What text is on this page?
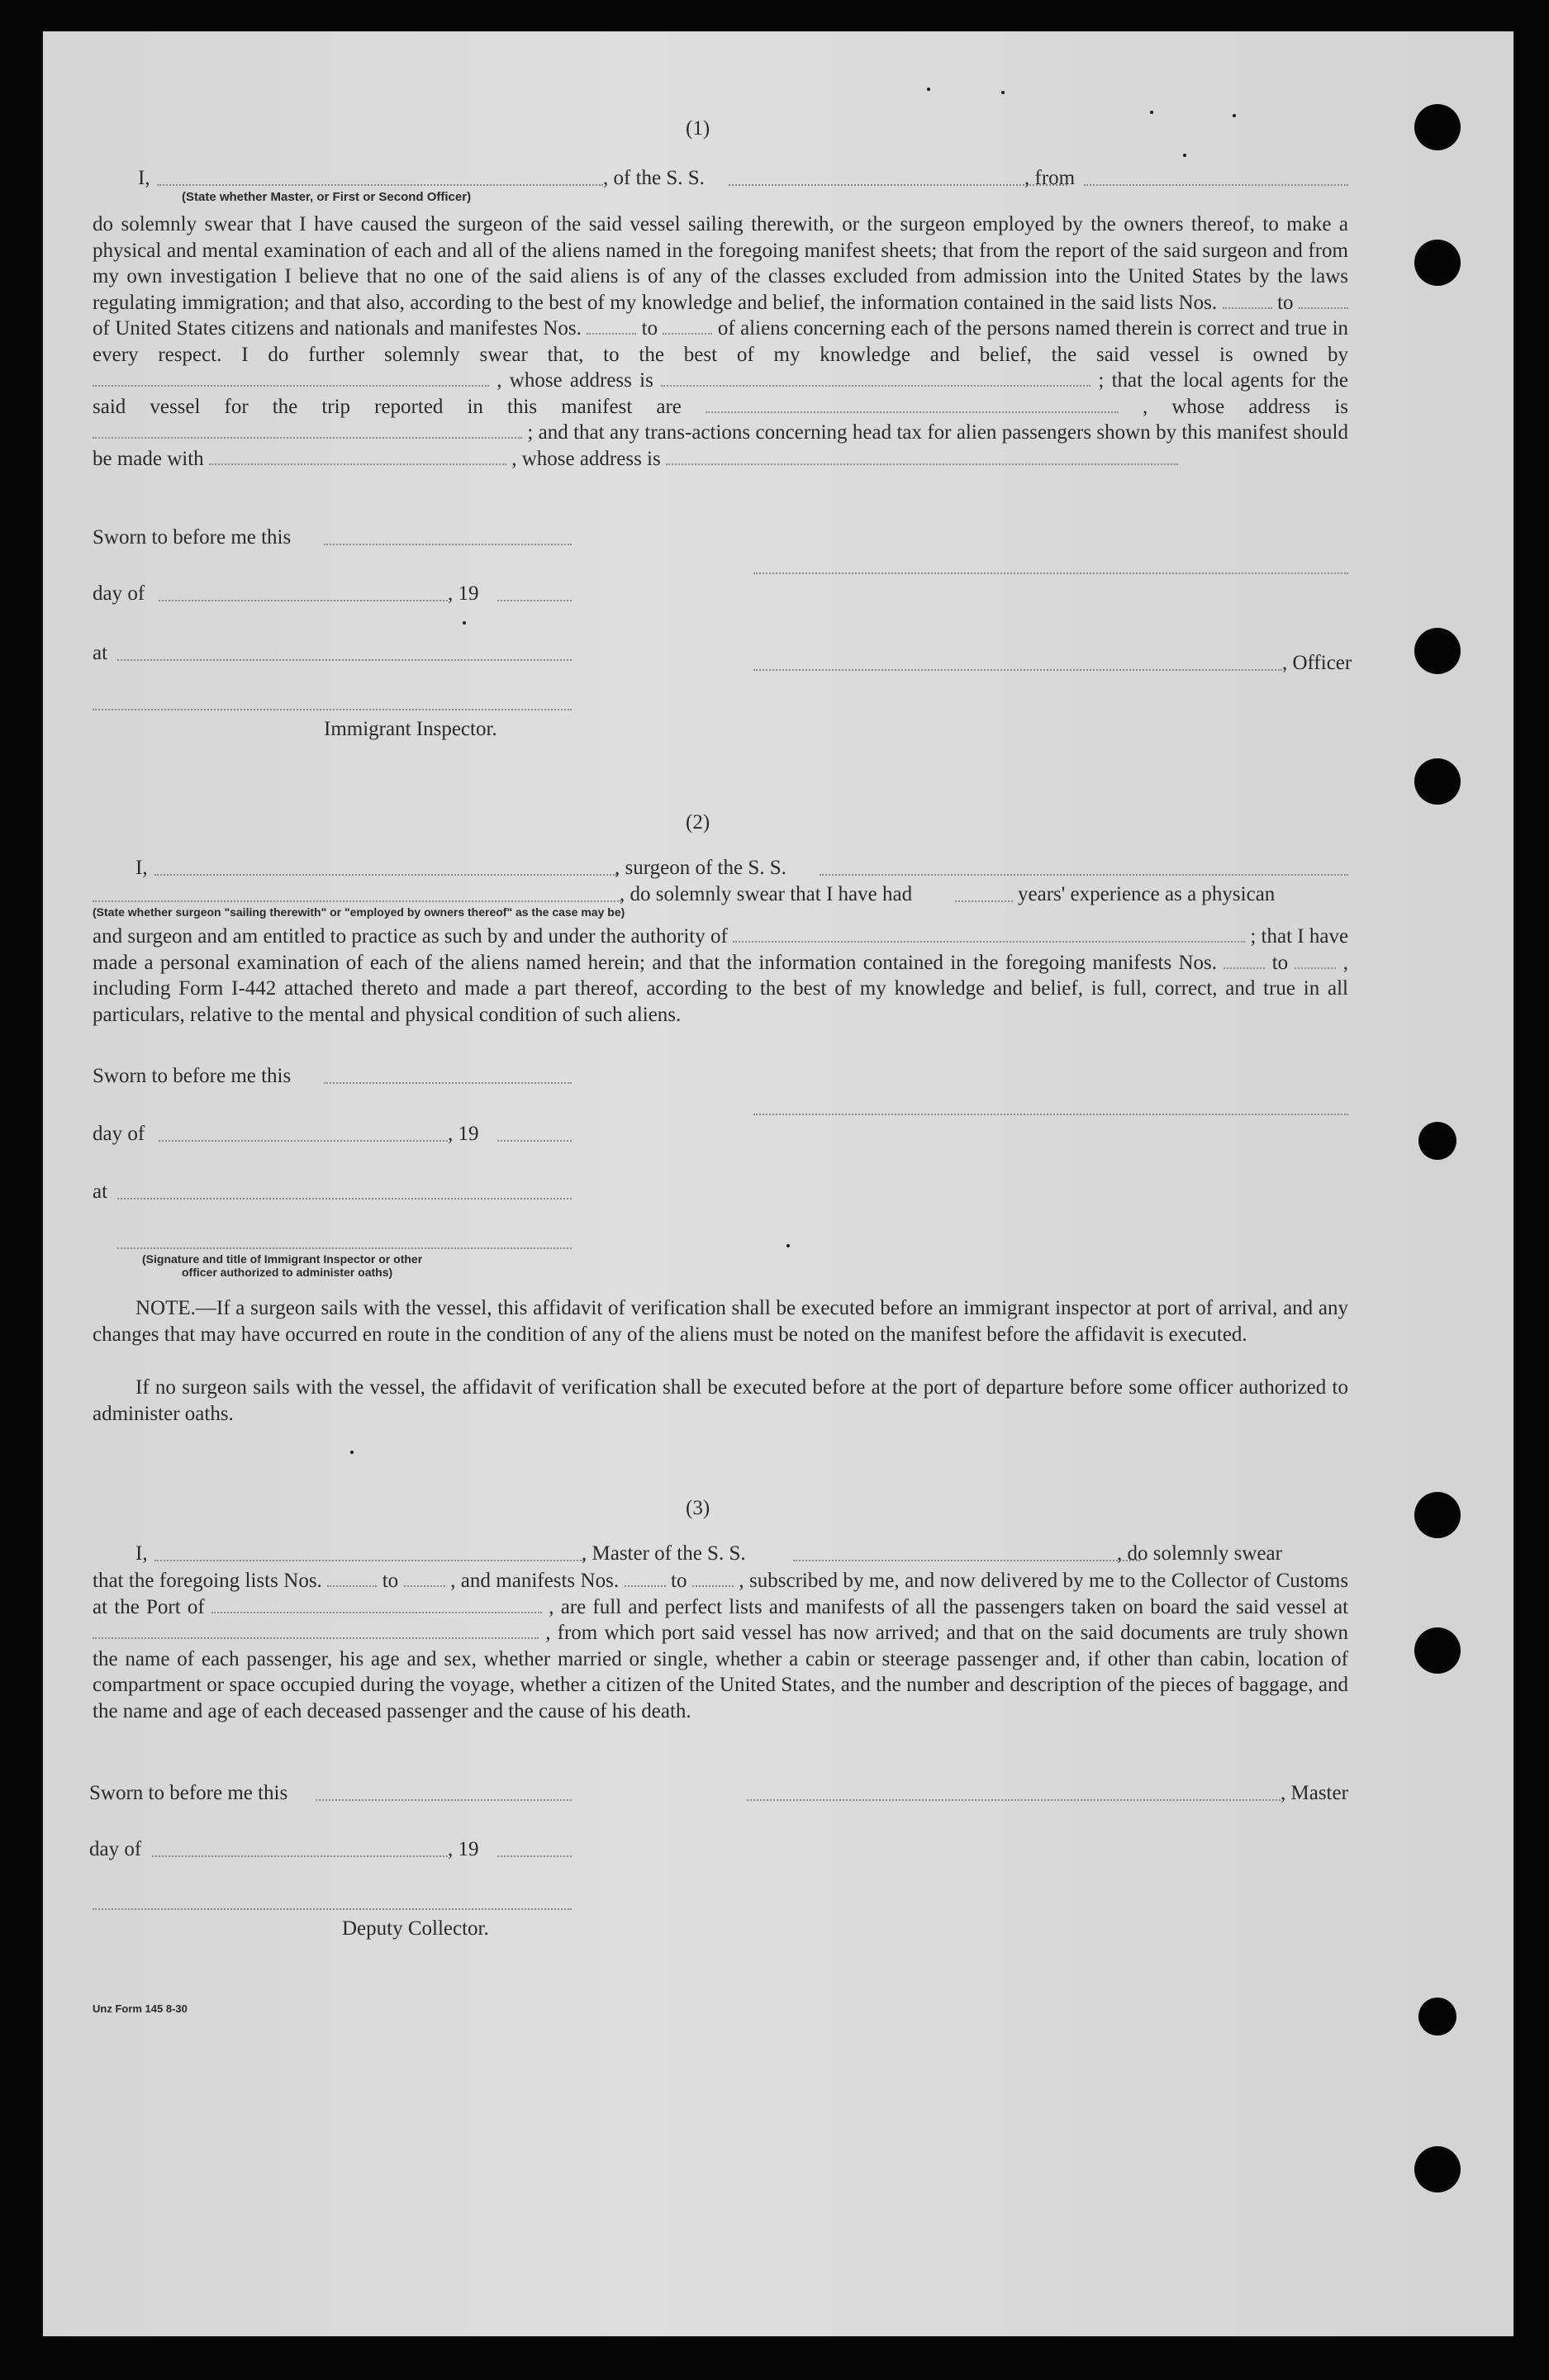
(1)
I,	, of the S. S.	, from
(State whether Master, or First or Second Officer)

do solemnly swear that I have caused the surgeon of the said vessel sailing therewith, or the surgeon employed by the owners thereof, to make a physical and mental examination of each and all of the aliens named in the foregoing manifest sheets; that from the report of the said surgeon and from my own investigation I believe that no one of the said aliens is of any of the classes excluded from admission into the United States by the laws regulating immigration; and that also, according to the best of my knowledge and belief, the information contained in the said lists Nos.	to  of United States citizens and nationals and manifestes Nos.	to	of aliens concerning each of the persons named therein is correct and true in every respect. I do further solemnly swear that, to the best of my knowledge and belief, the said vessel is owned by  , whose address is	; that the local agents for the said vessel for the trip reported in this manifest are	, whose address is  ; and that any trans-actions concerning head tax for alien passengers shown by this manifest should be made with	, whose address is

Sworn to before me this
day of	, 19
at	, Officer
Immigrant Inspector.
(2)
I,	, surgeon of the S. S.
, do solemnly swear that I have had	years' experience as a physican
(State whether surgeon "sailing therewith" or "employed by owners thereof" as the case may be)

and surgeon and am entitled to practice as such by and under the authority of	; that I have made a personal examination of each of the aliens named herein; and that the information contained in the foregoing manifests Nos.	to	, including Form I-442 attached thereto and made a part thereof, according to the best of my knowledge and belief, is full, correct, and true in all particulars, relative to the mental and physical condition of such aliens.

Sworn to before me this
day of	, 19
at
(Signature and title of Immigrant Inspector or other
officer authorized to administer oaths)

NOTE.—If a surgeon sails with the vessel, this affidavit of verification shall be executed before an immigrant inspector at port of arrival, and any changes that may have occurred en route in the condition of any of the aliens must be noted on the manifest before the affidavit is executed.

If no surgeon sails with the vessel, the affidavit of verification shall be executed before at the port of departure before some officer authorized to administer oaths.

(3)
I,	, Master of the S. S.	, do solemnly swear

that the foregoing lists Nos.	to	, and manifests Nos.	to	, subscribed by me, and now delivered by me to the Collector of Customs at the Port of	, are full and perfect lists and manifests of all the passengers taken on board the said vessel at  , from which port said vessel has now arrived; and that on the said documents are truly shown the name of each passenger, his age and sex, whether married or single, whether a cabin or steerage passenger and, if other than cabin, location of compartment or space occupied during the voyage, whether a citizen of the United States, and the number and description of the pieces of baggage, and the name and age of each deceased passenger and the cause of his death.

Sworn to before me this	, Master
day of	, 19
Deputy Collector.
Unz Form 145 8-30
